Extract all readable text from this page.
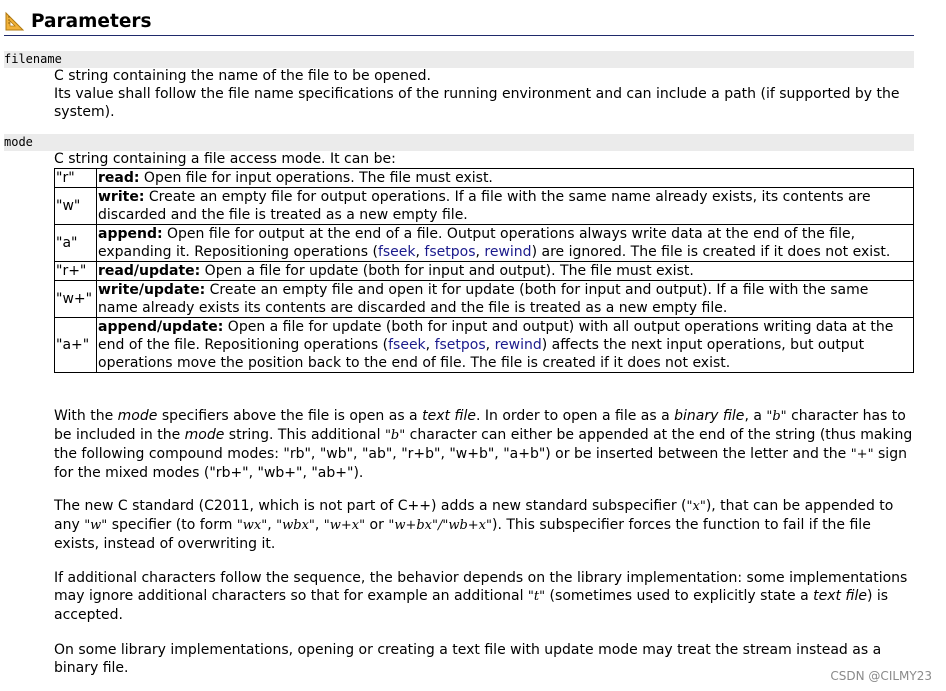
Parameters
filename

C string containing the name of the file to be opened.

Its value shall follow the file name specifications of the running environment and can include a path (if supported by the system).

mode
C string containing a file access mode. It can be:
"r"	read: Open file for input operations. The file must exist.
"w"	write: Create an empty file for output operations. If a file with the same name already exists, its contents are discarded and the file is treated as a new empty file.
"a"	append: Open file for output at the end of a file. Output operations always write data at the end of the file, expanding it. Repositioning operations (fseek, fsetpos, rewind) are ignored. The file is created if it does not exist.
"r+"	read/update: Open a file for update (both for input and output). The file must exist.
"w+"	write/update: Create an empty file and open it for update (both for input and output). If a file with the same name already exists its contents are discarded and the file is treated as a new empty file.
"a+"	append/update: Open a file for update (both for input and output) with all output operations writing data at the end of the file. Repositioning operations (fseek, fsetpos, rewind) affects the next input operations, but output operations move the position back to the end of file. The file is created if it does not exist.

With the mode specifiers above the file is open as a text file. In order to open a file as a binary file, a "b" character has to be included in the mode string. This additional "b" character can either be appended at the end of the string (thus making the following compound modes: "rb", "wb", "ab", "r+b", "w+b", "a+b") or be inserted between the letter and the "+" sign for the mixed modes ("rb+", "wb+", "ab+").

The new C standard (C2011, which is not part of C++) adds a new standard subspecifier ("x"), that can be appended to any "w" specifier (to form "wx", "wbx", "w+x" or "w+bx"/"wb+x"). This subspecifier forces the function to fail if the file exists, instead of overwriting it.

If additional characters follow the sequence, the behavior depends on the library implementation: some implementations may ignore additional characters so that for example an additional "t" (sometimes used to explicitly state a text file) is accepted.

On some library implementations, opening or creating a text file with update mode may treat the stream instead as a binary file.	CSDN @CILMY23
